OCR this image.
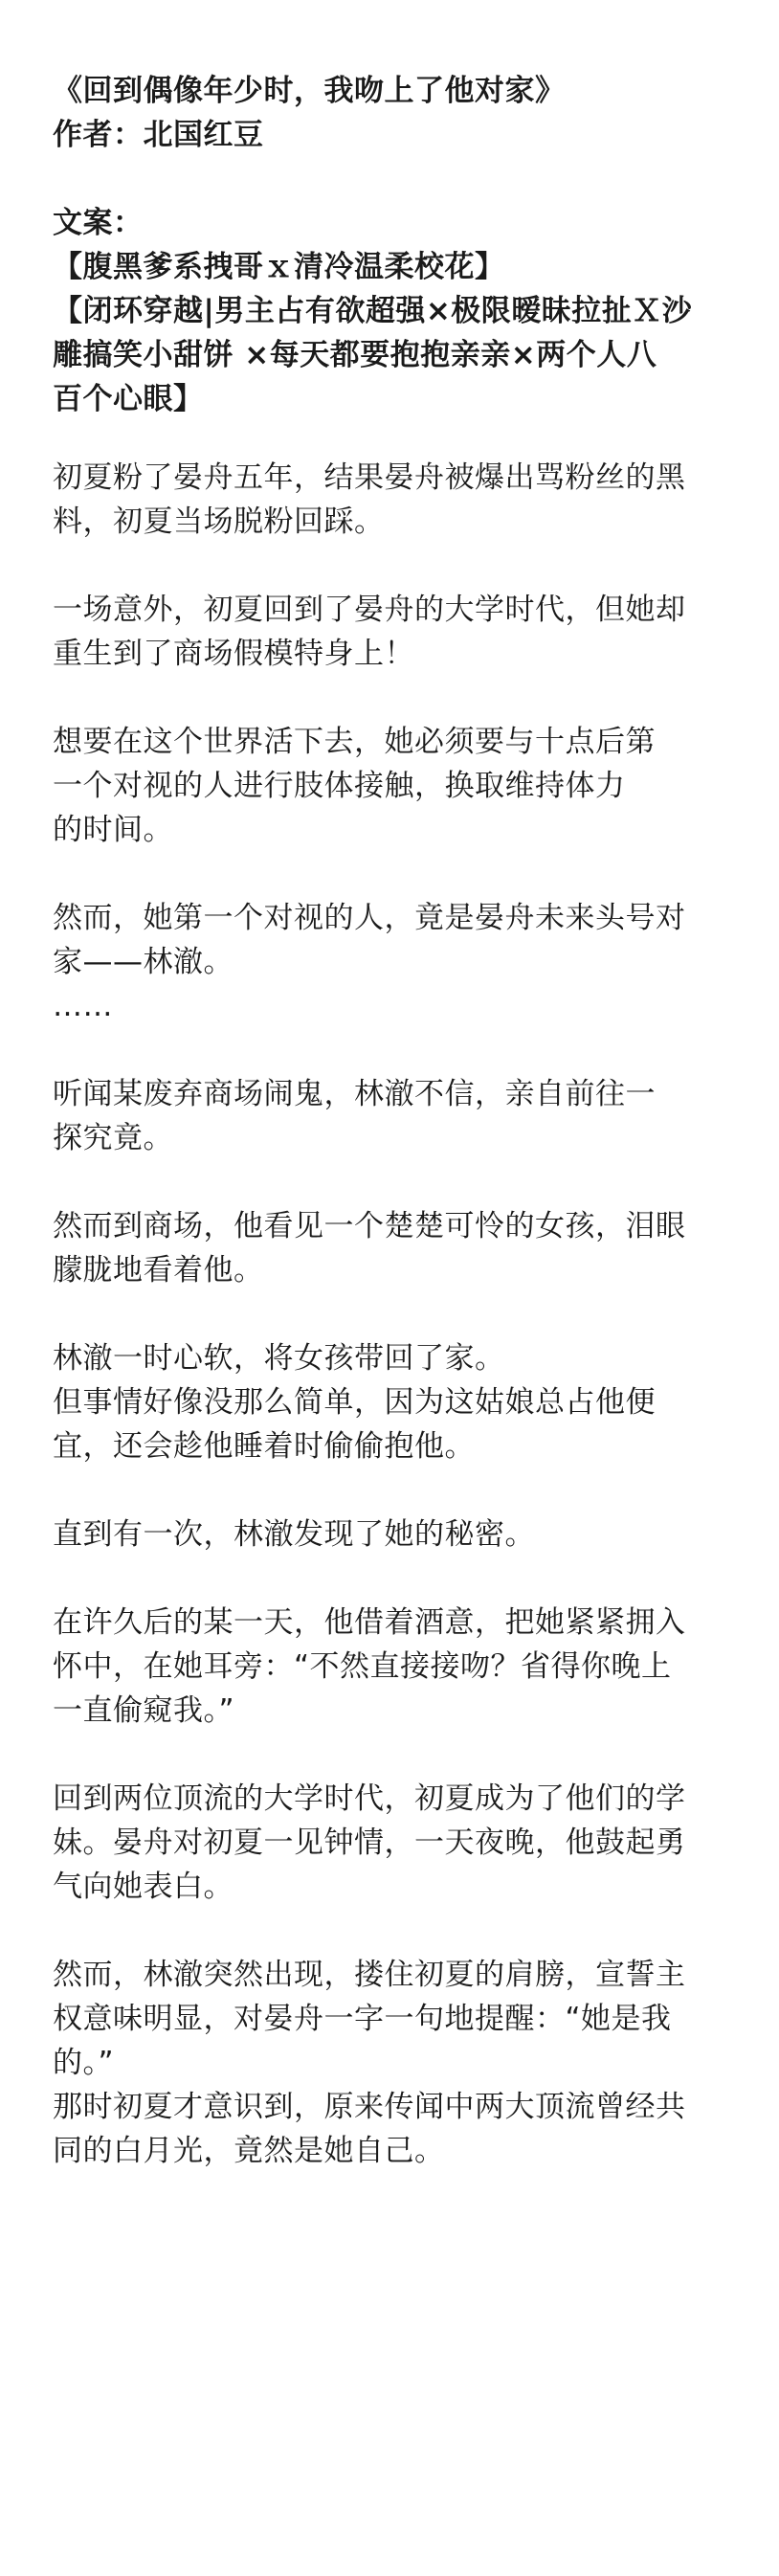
《回到偶像年少时，我吻上了他对家》
作者：北国红豆
文案：
【腹黑爹系拽哥ｘ清冷温柔校花】
【闭环穿越|男主占有欲超强×极限暧昧拉扯Ｘ沙
雕搞笑小甜饼 ×每天都要抱抱亲亲×两个人八
百个心眼】
初夏粉了晏舟五年，结果晏舟被爆出骂粉丝的黑
料，初夏当场脱粉回踩。
一场意外，初夏回到了晏舟的大学时代，但她却
重生到了商场假模特身上！
想要在这个世界活下去，她必须要与十点后第
一个对视的人进行肢体接触，换取维持体力
的时间。
然而，她第一个对视的人，竟是晏舟未来头号对
家——林澈。
……
听闻某废弃商场闹鬼，林澈不信，亲自前往一
探究竟。
然而到商场，他看见一个楚楚可怜的女孩，泪眼
朦胧地看着他。
林澈一时心软，将女孩带回了家。
但事情好像没那么简单，因为这姑娘总占他便
宜，还会趁他睡着时偷偷抱他。
直到有一次，林澈发现了她的秘密。
在许久后的某一天，他借着酒意，把她紧紧拥入
怀中，在她耳旁：“不然直接接吻？省得你晚上
一直偷窥我。”
回到两位顶流的大学时代，初夏成为了他们的学
妹。晏舟对初夏一见钟情，一天夜晚，他鼓起勇
气向她表白。
然而，林澈突然出现，搂住初夏的肩膀，宣誓主
权意味明显，对晏舟一字一句地提醒：“她是我
的。”
那时初夏才意识到，原来传闻中两大顶流曾经共
同的白月光，竟然是她自己。
